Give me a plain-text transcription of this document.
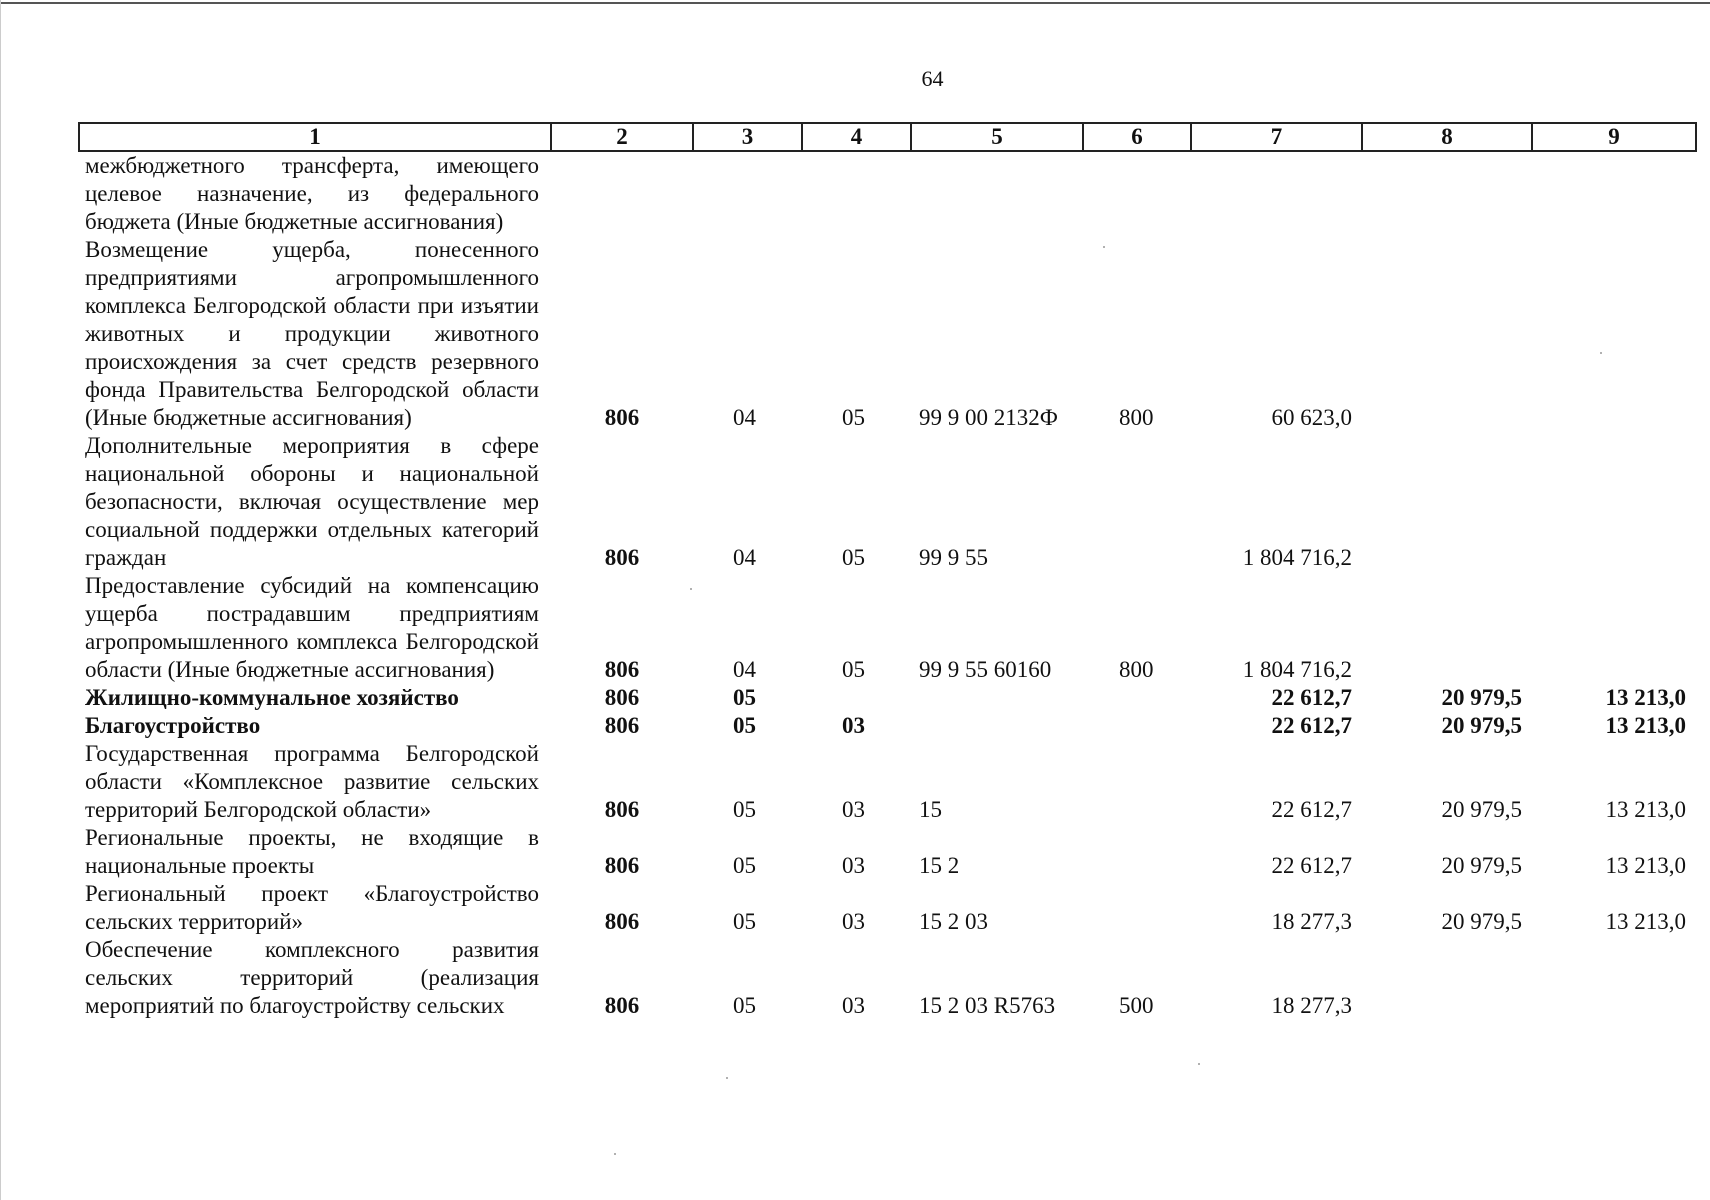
64
1	2	3	4	5	6	7	8	9
межбюджетного трансферта, имеющего целевое назначение, из федерального бюджета (Иные бюджетные ассигнования)								
Возмещение ущерба, понесенного предприятиями агропромышленного комплекса Белгородской области при изъятии животных и продукции животного происхождения за счет средств резервного фонда Правительства Белгородской области (Иные бюджетные ассигнования)	806	04	05	99 9 00 2132Ф	800	60 623,0		
Дополнительные мероприятия в сфере национальной обороны и национальной безопасности, включая осуществление мер социальной поддержки отдельных категорий граждан	806	04	05	99 9 55		1 804 716,2		
Предоставление субсидий на компенсацию ущерба пострадавшим предприятиям агропромышленного комплекса Белгородской области (Иные бюджетные ассигнования)	806	04	05	99 9 55 60160	800	1 804 716,2		
Жилищно-коммунальное хозяйство	806	05				22 612,7	20 979,5	13 213,0
Благоустройство	806	05	03			22 612,7	20 979,5	13 213,0
Государственная программа Белгородской области «Комплексное развитие сельских территорий Белгородской области»	806	05	03	15		22 612,7	20 979,5	13 213,0
Региональные проекты, не входящие в национальные проекты	806	05	03	15 2		22 612,7	20 979,5	13 213,0
Региональный проект «Благоустройство сельских территорий»	806	05	03	15 2 03		18 277,3	20 979,5	13 213,0
Обеспечение комплексного развития сельских территорий (реализация мероприятий по благоустройству сельских	806	05	03	15 2 03 R5763	500	18 277,3		
